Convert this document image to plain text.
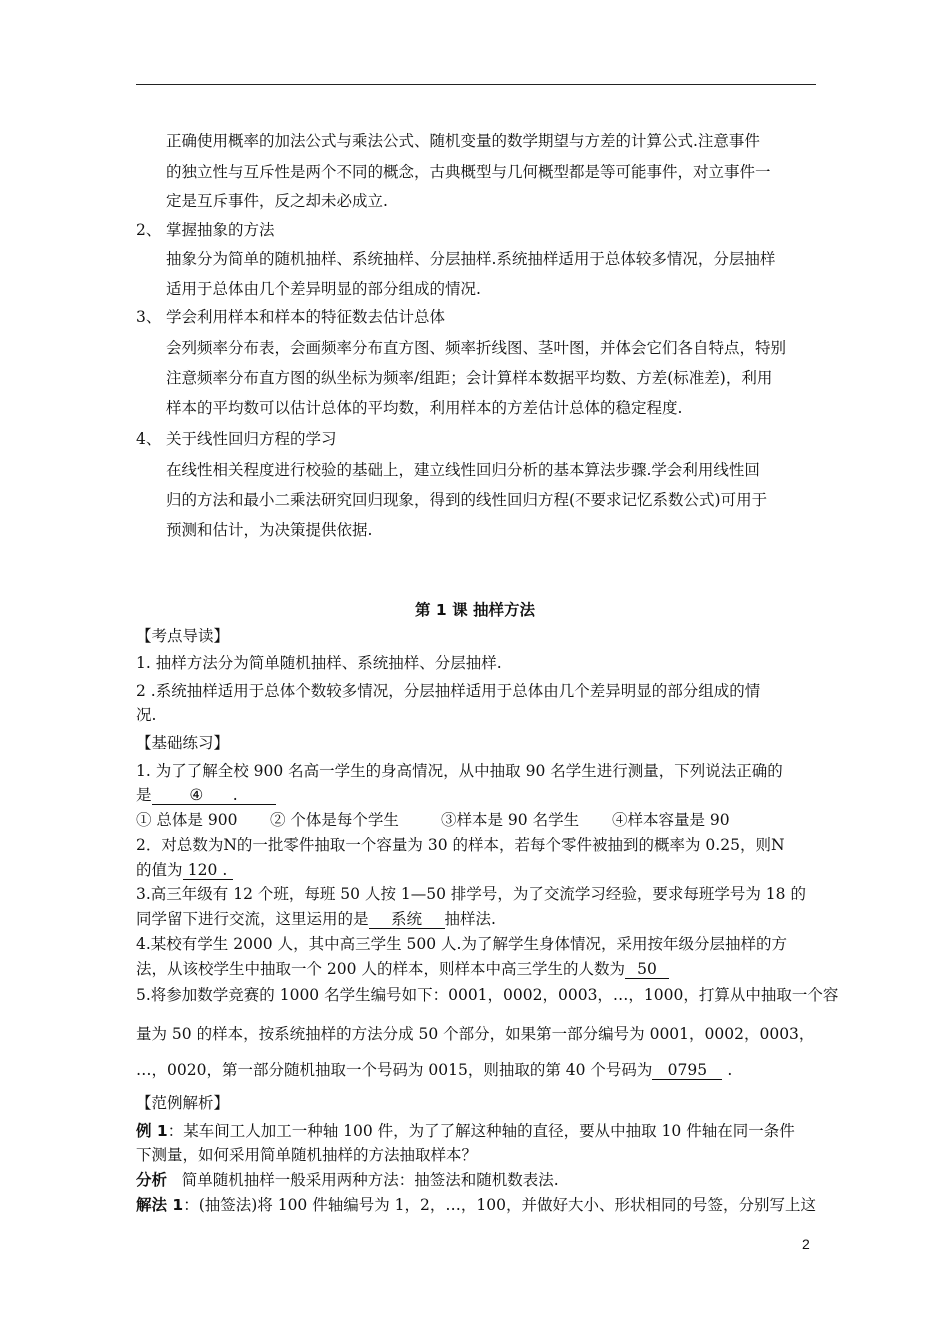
正确使用概率的加法公式与乘法公式、随机变量的数学期望与方差的计算公式.注意事件
的独立性与互斥性是两个不同的概念，古典概型与几何概型都是等可能事件，对立事件一
定是互斥事件，反之却未必成立.
2、 掌握抽象的方法
抽象分为简单的随机抽样、系统抽样、分层抽样.系统抽样适用于总体较多情况，分层抽样
适用于总体由几个差异明显的部分组成的情况.
3、 学会利用样本和样本的特征数去估计总体
会列频率分布表，会画频率分布直方图、频率折线图、茎叶图，并体会它们各自特点，特别
注意频率分布直方图的纵坐标为频率/组距；会计算样本数据平均数、方差(标准差)，利用
样本的平均数可以估计总体的平均数，利用样本的方差估计总体的稳定程度.
4、 关于线性回归方程的学习
在线性相关程度进行校验的基础上，建立线性回归分析的基本算法步骤.学会利用线性回
归的方法和最小二乘法研究回归现象，得到的线性回归方程(不要求记忆系数公式)可用于
预测和估计，为决策提供依据.
第 1 课 抽样方法
【考点导读】
1. 抽样方法分为简单随机抽样、系统抽样、分层抽样.
2 .系统抽样适用于总体个数较多情况，分层抽样适用于总体由几个差异明显的部分组成的情
况.
【基础练习】
1. 为了了解全校 900 名高一学生的身高情况，从中抽取 90 名学生进行测量，下列说法正确的
是 ④ .
① 总体是 900 ② 个体是每个学生	③样本是 90 名学生 ④样本容量是 90
2．对总数为N的一批零件抽取一个容量为 30 的样本，若每个零件被抽到的概率为 0.25，则N
的值为 120 .
3.高三年级有 12 个班，每班 50 人按 1—50 排学号，为了交流学习经验，要求每班学号为 18 的
同学留下进行交流，这里运用的是 系统 抽样法.
4.某校有学生 2000 人，其中高三学生 500 人.为了解学生身体情况，采用按年级分层抽样的方
法，从该校学生中抽取一个 200 人的样本，则样本中高三学生的人数为 50
5.将参加数学竞赛的 1000 名学生编号如下：0001，0002，0003，…，1000，打算从中抽取一个容
量为 50 的样本，按系统抽样的方法分成 50 个部分，如果第一部分编号为 0001，0002，0003，
…，0020，第一部分随机抽取一个号码为 0015，则抽取的第 40 个号码为 0795 .
【范例解析】
例 1：某车间工人加工一种轴 100 件，为了了解这种轴的直径，要从中抽取 10 件轴在同一条件
下测量，如何采用简单随机抽样的方法抽取样本？
分析 简单随机抽样一般采用两种方法：抽签法和随机数表法.
解法 1：(抽签法)将 100 件轴编号为 1，2，…，100，并做好大小、形状相同的号签，分别写上这
2
